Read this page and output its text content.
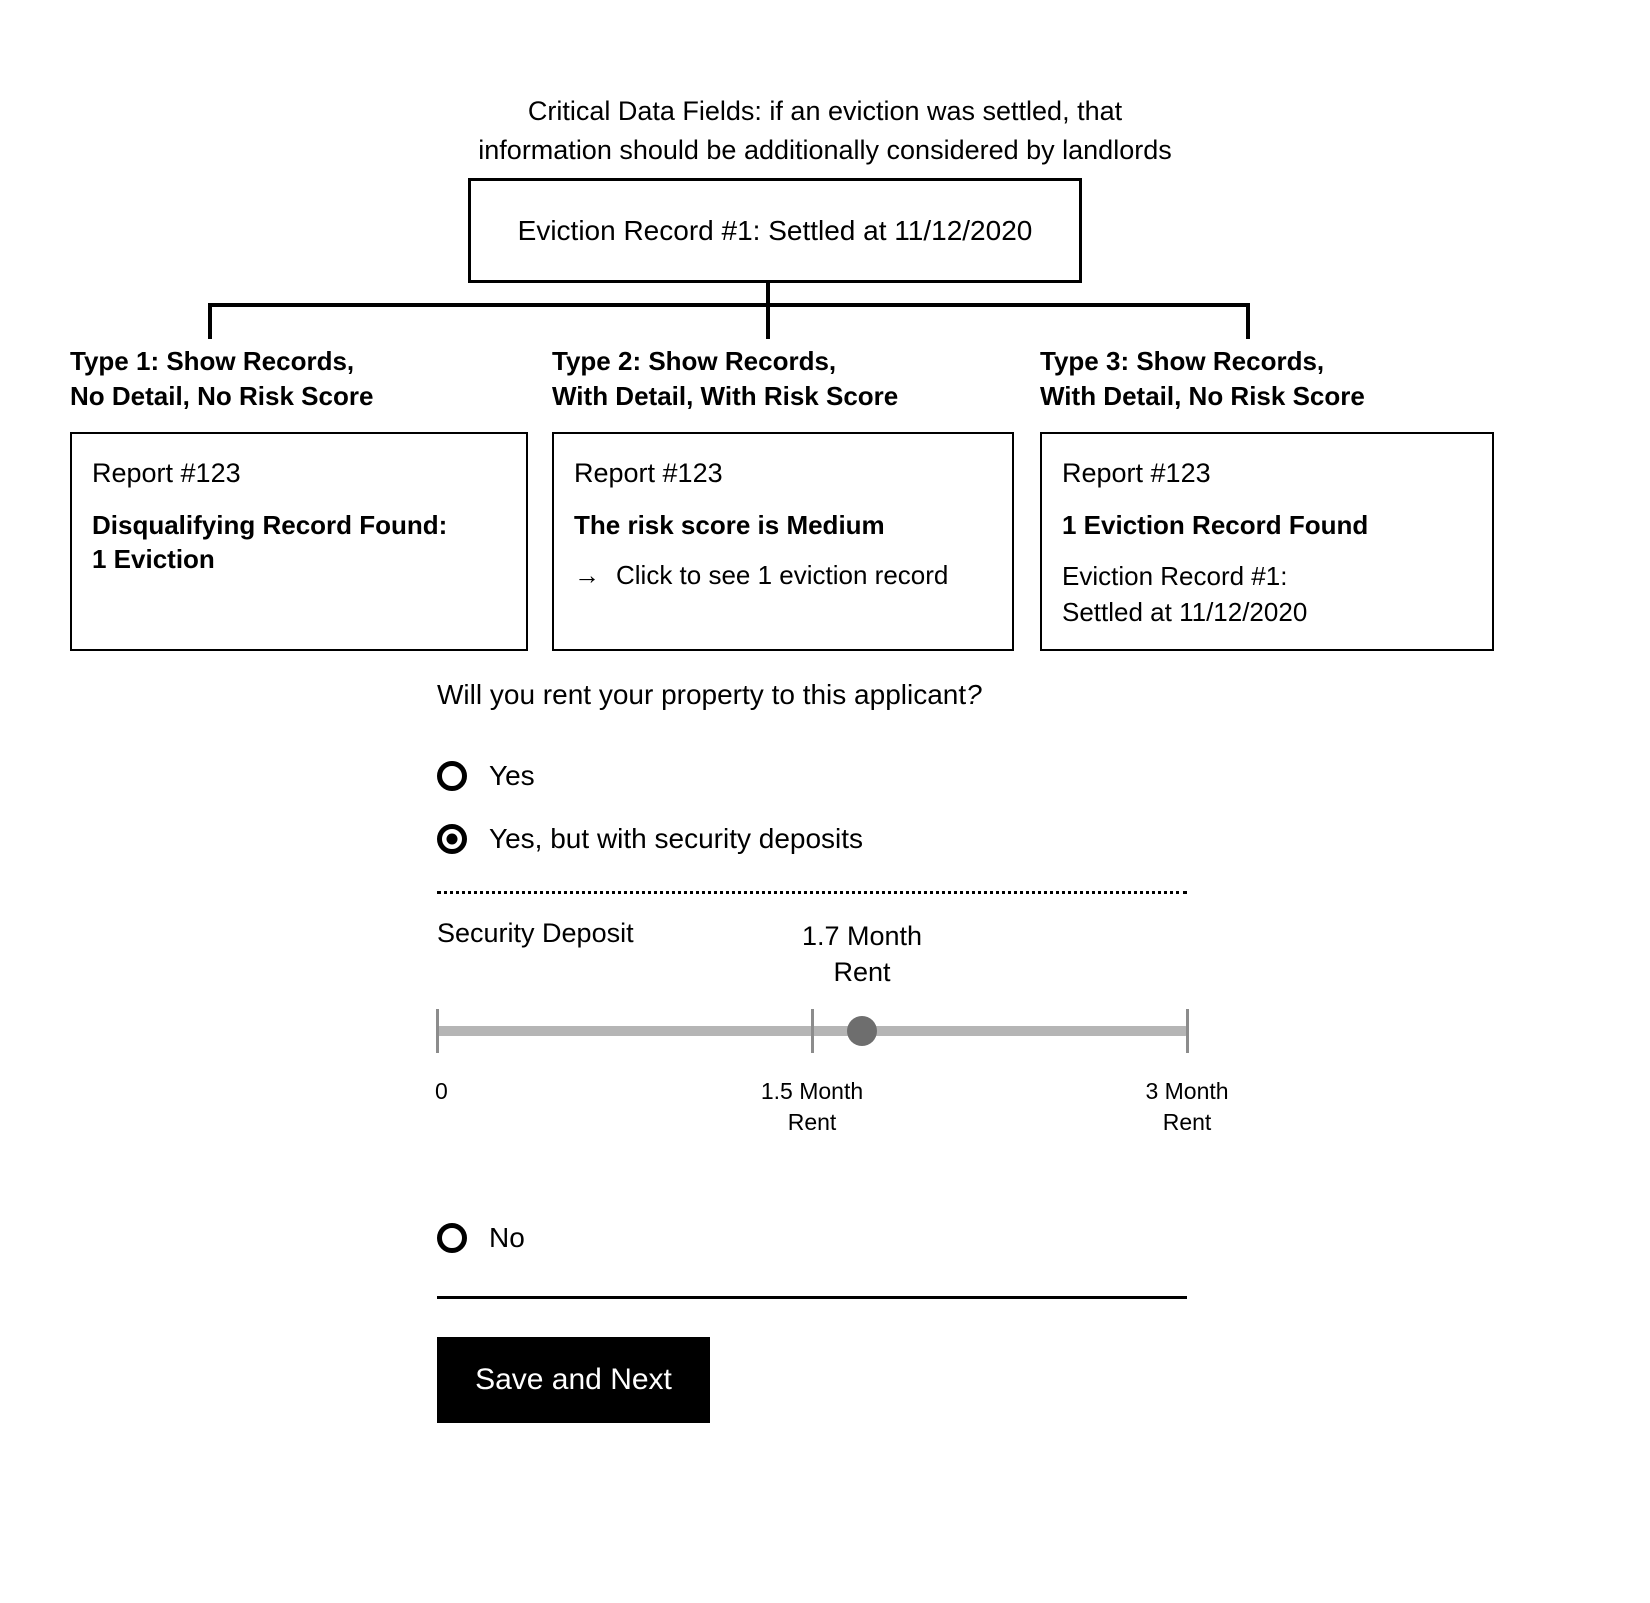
Critical Data Fields: if an eviction was settled, that
information should be additionally considered by landlords
Eviction Record #1: Settled at 11/12/2020
Type 1: Show Records,
No Detail, No Risk Score
Report #123
Disqualifying Record Found:
1 Eviction
Type 2: Show Records,
With Detail, With Risk Score
Report #123
The risk score is Medium
→ Click to see 1 eviction record
Type 3: Show Records,
With Detail, No Risk Score
Report #123
1 Eviction Record Found
Eviction Record #1:
Settled at 11/12/2020
Will you rent your property to this applicant?
Yes
Yes, but with security deposits
Security Deposit	1.7 Month
Rent
0	1.5 Month
Rent
3 Month
Rent
No
Save and Next
